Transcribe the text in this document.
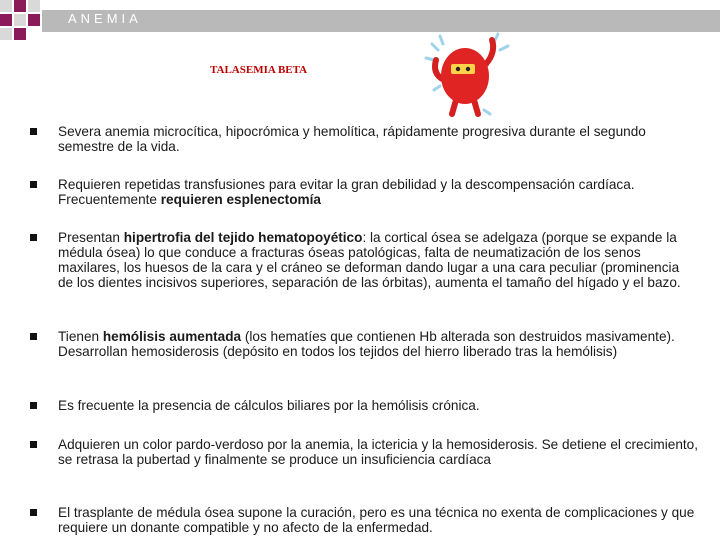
ANEMIA
TALASEMIA BETA
Severa anemia microcítica, hipocrómica y hemolítica, rápidamente progresiva durante el segundo semestre de la vida.
Requieren repetidas transfusiones para evitar la gran debilidad y la descompensación cardíaca. Frecuentemente requieren esplenectomía
Presentan hipertrofia del tejido hematopoyético: la cortical ósea se adelgaza (porque se expande la médula ósea) lo que conduce a fracturas óseas patológicas, falta de neumatización de los senos maxilares, los huesos de la cara y el cráneo se deforman dando lugar a una cara peculiar (prominencia de los dientes incisivos superiores, separación de las órbitas), aumenta el tamaño del hígado y el bazo.
Tienen hemólisis aumentada (los hematíes que contienen Hb alterada son destruidos masivamente). Desarrollan hemosiderosis (depósito en todos los tejidos del hierro liberado tras la hemólisis)
Es frecuente la presencia de cálculos biliares por la hemólisis crónica.
Adquieren un color pardo-verdoso por la anemia, la ictericia y la hemosiderosis. Se detiene el crecimiento, se retrasa la pubertad y finalmente se produce un insuficiencia cardíaca
El trasplante de médula ósea supone la curación, pero es una técnica no exenta de complicaciones y que requiere un donante compatible y no afecto de la enfermedad.
